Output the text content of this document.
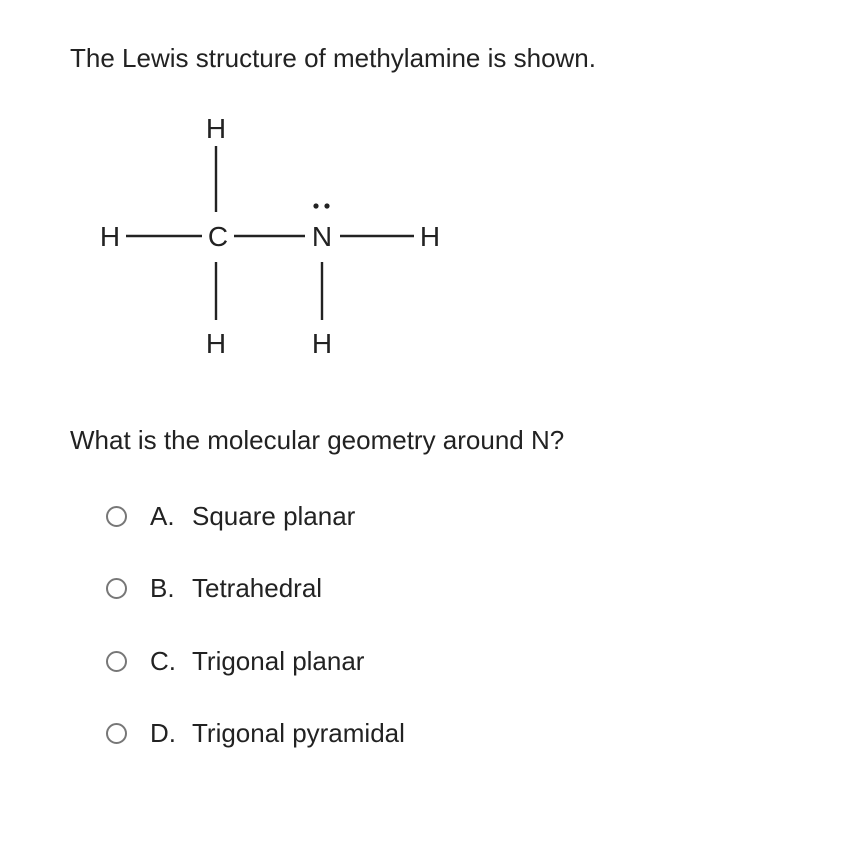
The Lewis structure of methylamine is shown.

H
H	C	N	H
H	H

What is the molecular geometry around N?

A. Square planar
B. Tetrahedral
C. Trigonal planar
D. Trigonal pyramidal
